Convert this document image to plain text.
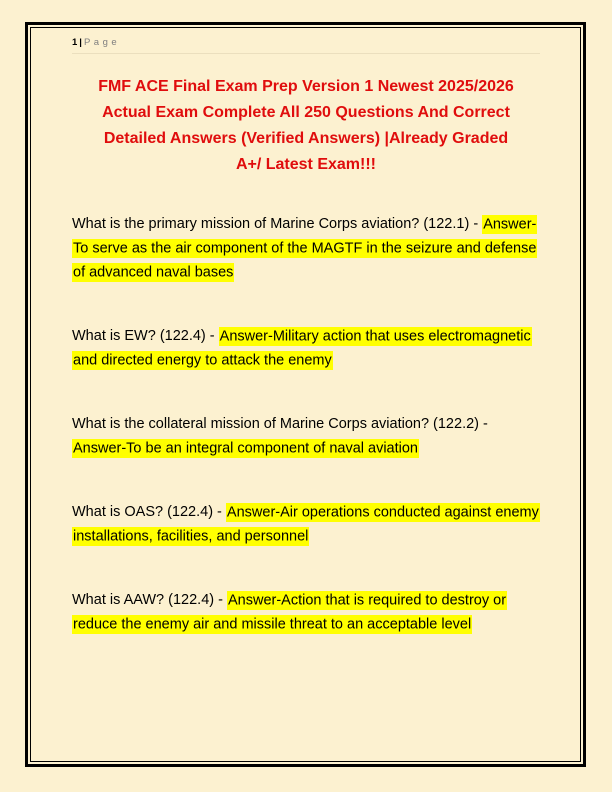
1| Page
FMF ACE Final Exam Prep Version 1 Newest 2025/2026
Actual Exam Complete All 250 Questions And Correct
Detailed Answers (Verified Answers) |Already Graded
A+/ Latest Exam!!!

What is the primary mission of Marine Corps aviation? (122.1) - Answer-To serve as the air component of the MAGTF in the seizure and defense of advanced naval bases

What is EW? (122.4) - Answer-Military action that uses electromagnetic and directed energy to attack the enemy

What is the collateral mission of Marine Corps aviation? (122.2) - Answer-To be an integral component of naval aviation

What is OAS? (122.4) - Answer-Air operations conducted against enemy installations, facilities, and personnel

What is AAW? (122.4) - Answer-Action that is required to destroy or reduce the enemy air and missile threat to an acceptable level
